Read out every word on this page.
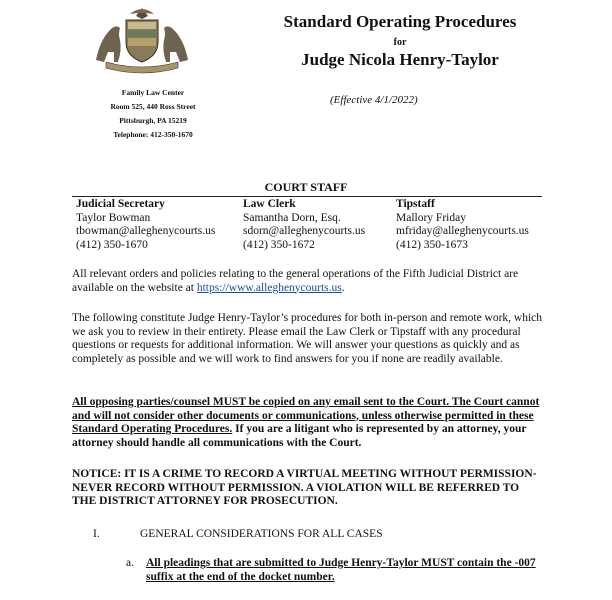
Standard Operating Procedures
for
Judge Nicola Henry-Taylor
(Effective 4/1/2022)
Family Law Center
Room 525, 440 Ross Street
Pittsburgh, PA 15219
Telephone: 412-350-1670
COURT STAFF
Judicial Secretary
Taylor Bowman
tbowman@alleghenycourts.us
(412) 350-1670
Law Clerk
Samantha Dorn, Esq.
sdorn@alleghenycourts.us
(412) 350-1672
Tipstaff
Mallory Friday
mfriday@alleghenycourts.us
(412) 350-1673
All relevant orders and policies relating to the general operations of the Fifth Judicial District are available on the website at https://www.alleghenycourts.us.
The following constitute Judge Henry-Taylor’s procedures for both in-person and remote work, which we ask you to review in their entirety. Please email the Law Clerk or Tipstaff with any procedural questions or requests for additional information. We will answer your questions as quickly and as completely as possible and we will work to find answers for you if none are readily available.
All opposing parties/counsel MUST be copied on any email sent to the Court. The Court cannot and will not consider other documents or communications, unless otherwise permitted in these Standard Operating Procedures. If you are a litigant who is represented by an attorney, your attorney should handle all communications with the Court.
NOTICE: IT IS A CRIME TO RECORD A VIRTUAL MEETING WITHOUT PERMISSION- NEVER RECORD WITHOUT PERMISSION. A VIOLATION WILL BE REFERRED TO THE DISTRICT ATTORNEY FOR PROSECUTION.
I.	GENERAL CONSIDERATIONS FOR ALL CASES
a. All pleadings that are submitted to Judge Henry-Taylor MUST contain the -007 suffix at the end of the docket number.
